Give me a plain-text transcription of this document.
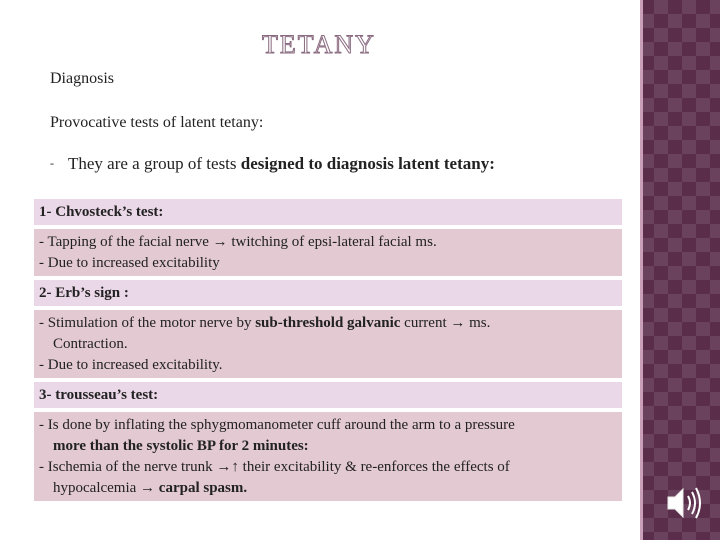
TETANY
Diagnosis
Provocative tests of latent tetany:
- They are a group of tests designed to diagnosis latent tetany:
1- Chvosteck’s test:
- Tapping of the facial nerve → twitching of epsi-lateral facial ms.
- Due to increased excitability
2- Erb’s sign :
- Stimulation of the motor nerve by sub-threshold galvanic current → ms.
Contraction.
- Due to increased excitability.
3- trousseau’s test:
- Is done by inflating the sphygmomanometer cuff around the arm to a pressure
more than the systolic BP for 2 minutes:
- Ischemia of the nerve trunk →↑ their excitability & re-enforces the effects of
hypocalcemia → carpal spasm.
